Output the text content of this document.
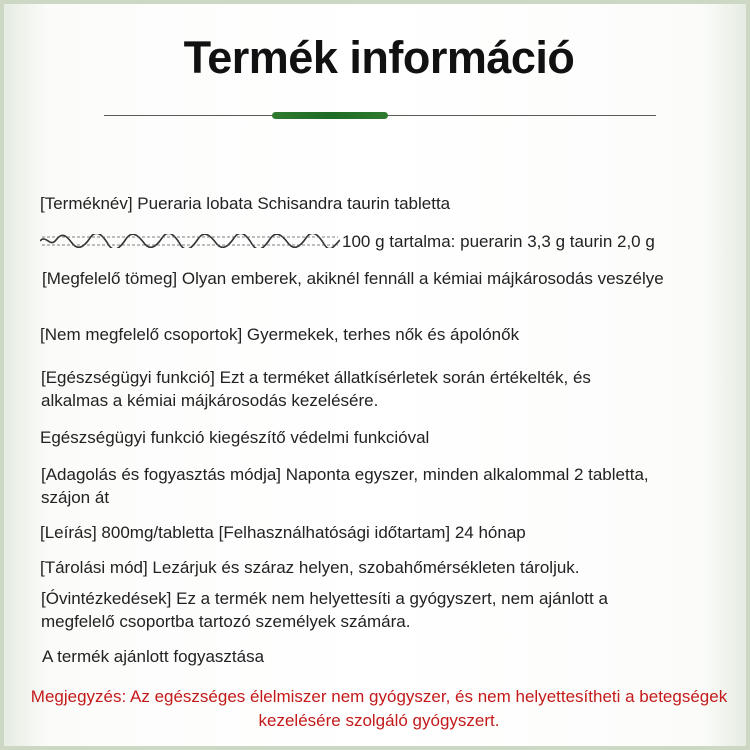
Termék információ
[Terméknév] Pueraria lobata Schisandra taurin tabletta
100 g tartalma: puerarin 3,3 g taurin 2,0 g
[Megfelelő tömeg] Olyan emberek, akiknél fennáll a kémiai májkárosodás veszélye
[Nem megfelelő csoportok] Gyermekek, terhes nők és ápolónők
[Egészségügyi funkció] Ezt a terméket állatkísérletek során értékelték, és alkalmas a kémiai májkárosodás kezelésére.
Egészségügyi funkció kiegészítő védelmi funkcióval
[Adagolás és fogyasztás módja] Naponta egyszer, minden alkalommal 2 tabletta, szájon át
[Leírás] 800mg/tabletta [Felhasználhatósági időtartam] 24 hónap
[Tárolási mód] Lezárjuk és száraz helyen, szobahőmérsékleten tároljuk.
[Óvintézkedések] Ez a termék nem helyettesíti a gyógyszert, nem ajánlott a megfelelő csoportba tartozó személyek számára.
A termék ajánlott fogyasztása
Megjegyzés: Az egészséges élelmiszer nem gyógyszer, és nem helyettesítheti a betegségek kezelésére szolgáló gyógyszert.
